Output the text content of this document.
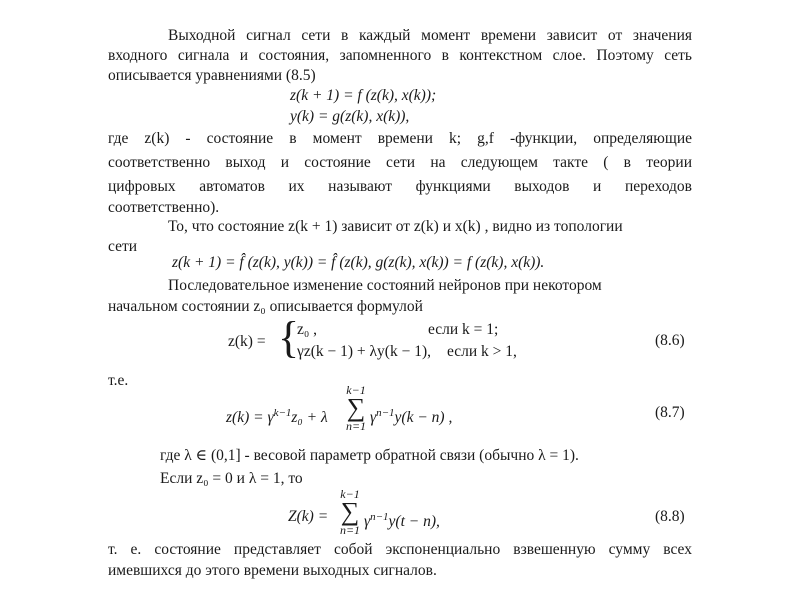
Выходной сигнал сети в каждый момент времени зависит от значения
входного сигнала и состояния, запомненного в контекстном слое. Поэтому сеть
описывается уравнениями (8.5)
z(k + 1) = f (z(k), x(k));
y(k) = g(z(k), x(k)),
где z(k) - состояние в момент времени k; g,f -функции, определяющие
соответственно выход и состояние сети на следующем такте ( в теории
цифровых автоматов их называют функциями выходов и переходов
соответственно).
То, что состояние z(k + 1) зависит от z(k) и x(k) , видно из топологии
сети
z(k + 1) = f̂ (z(k), y(k)) = f̂ (z(k), g(z(k), x(k)) = f (z(k), x(k)).
Последовательное изменение состояний нейронов при некотором
начальном состоянии z₀ описывается формулой
z(k) = {
z₀ ,	если k = 1;
γz(k − 1) + λy(k − 1), если k > 1,
(8.6)
т.е.
$z(k) = \gamma^{k-1}z_0 + \lambda$
k−1
∑
n=1 $\gamma^{n-1}y(k - n)$ ,	(8.7)
где λ ∈ (0,1] - весовой параметр обратной связи (обычно λ = 1).
Если z₀ = 0 и λ = 1, то
Z(k) =
k−1
∑
n=1 $\gamma^{n-1}y(t - n)$,	(8.8)
т. е. состояние представляет собой экспоненциально взвешенную сумму всех
имевшихся до этого времени выходных сигналов.
